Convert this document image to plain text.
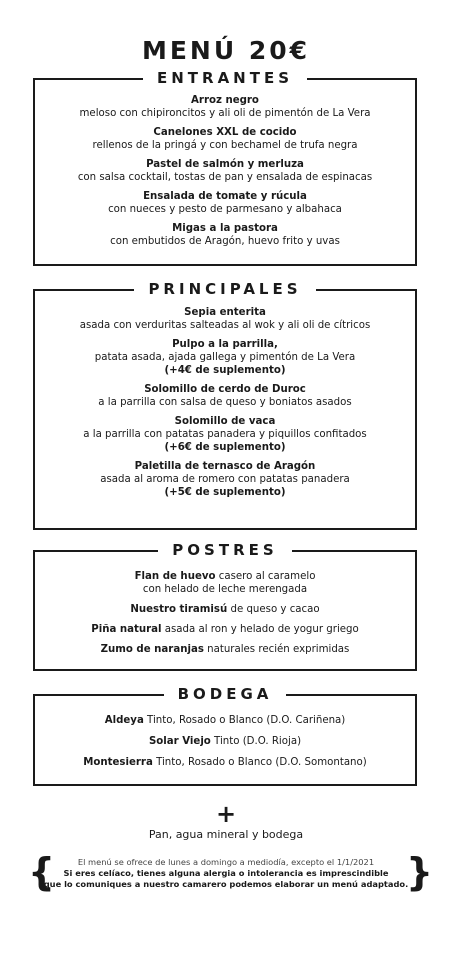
MENÚ 20€
ENTRANTES
Arroz negro
meloso con chipironcitos y ali oli de pimentón de La Vera
Canelones XXL de cocido
rellenos de la pringá y con bechamel de trufa negra
Pastel de salmón y merluza
con salsa cocktail, tostas de pan y ensalada de espinacas
Ensalada de tomate y rúcula
con nueces y pesto de parmesano y albahaca
Migas a la pastora
con embutidos de Aragón, huevo frito y uvas
PRINCIPALES
Sepia enterita
asada con verduritas salteadas al wok y ali oli de cítricos
Pulpo a la parrilla,
patata asada, ajada gallega y pimentón de La Vera
(+4€ de suplemento)
Solomillo de cerdo de Duroc
a la parrilla con salsa de queso y boniatos asados
Solomillo de vaca
a la parrilla con patatas panadera y piquillos confitados
(+6€ de suplemento)
Paletilla de ternasco de Aragón
asada al aroma de romero con patatas panadera
(+5€ de suplemento)
POSTRES
Flan de huevo casero al caramelo
con helado de leche merengada
Nuestro tiramisú de queso y cacao
Piña natural asada al ron y helado de yogur griego
Zumo de naranjas naturales recién exprimidas
BODEGA
Aldeya Tinto, Rosado o Blanco (D.O. Cariñena)
Solar Viejo Tinto (D.O. Rioja)
Montesierra Tinto, Rosado o Blanco (D.O. Somontano)
+
Pan, agua mineral y bodega
{	}
El menú se ofrece de lunes a domingo a mediodía, excepto el 1/1/2021
Si eres celíaco, tienes alguna alergia o intolerancia es imprescindible
que lo comuniques a nuestro camarero podemos elaborar un menú adaptado.
